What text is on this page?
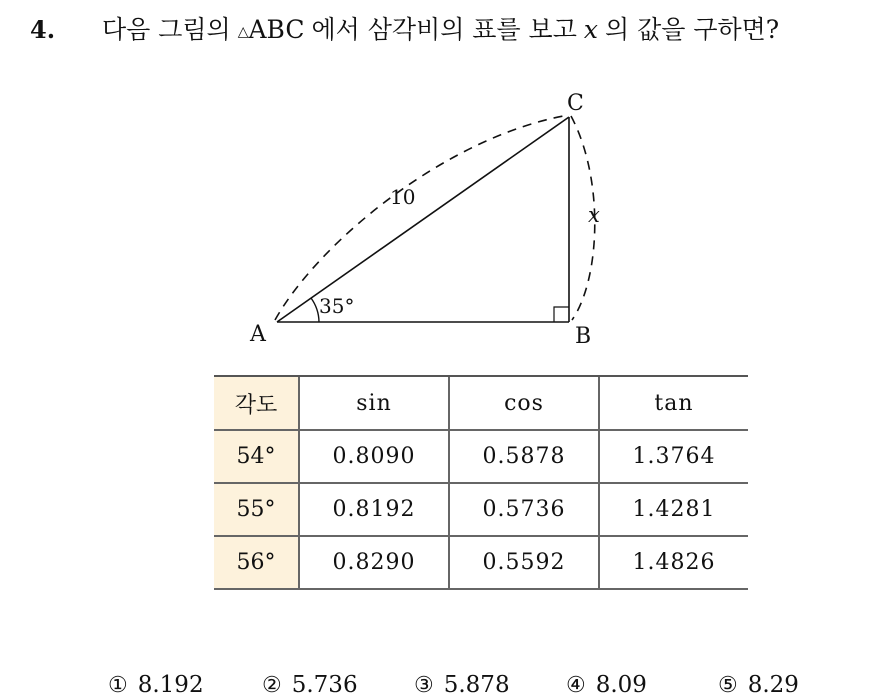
4.	다음 그림의 △ABC 에서 삼각비의 표를 보고 x 의 값을 구하면?
A	B
C
10
x
35°
각도	sin	cos	tan
54°	0.8090	0.5878	1.3764
55°	0.8192	0.5736	1.4281
56°	0.8290	0.5592	1.4826
① 8.192	② 5.736	③ 5.878	④ 8.09	⑤ 8.29
